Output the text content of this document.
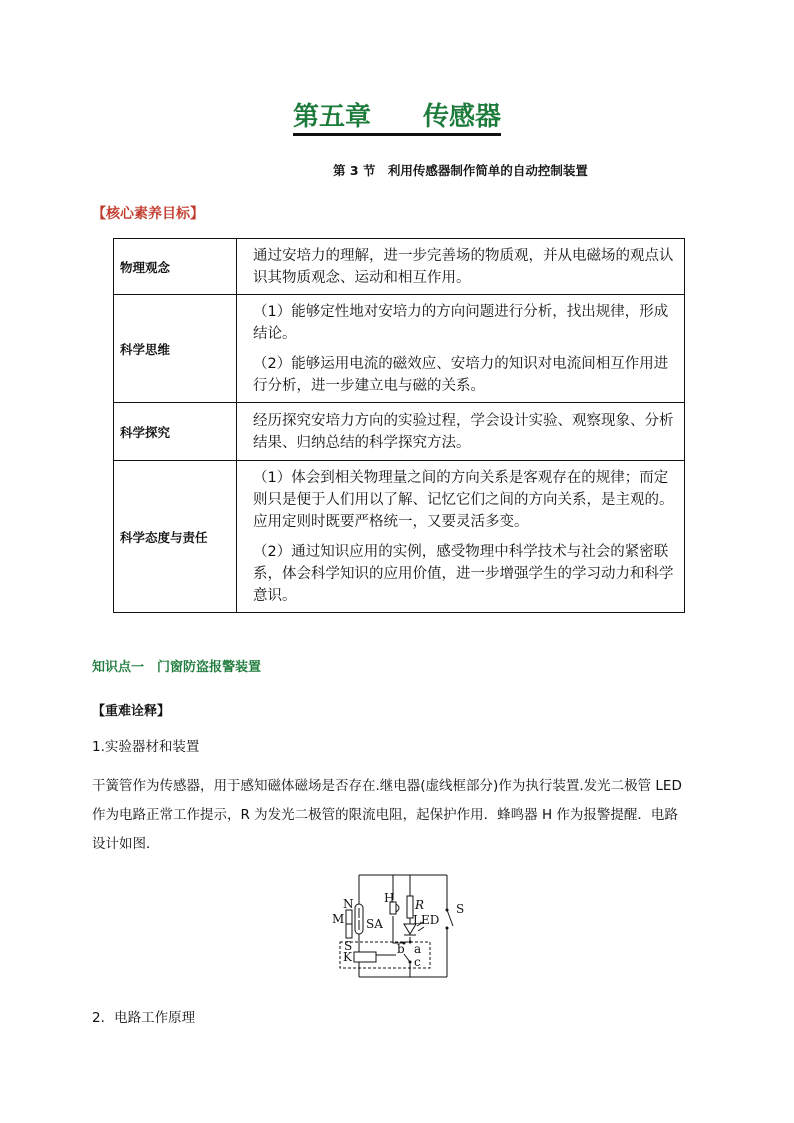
第五章　　传感器
第 3 节　利用传感器制作简单的自动控制装置
【核心素养目标】
物理观念	通过安培力的理解，进一步完善场的物质观，并从电磁场的观点认识其物质观念、运动和相互作用。

科学思维	（1）能够定性地对安培力的方向问题进行分析，找出规律，形成结论。

（2）能够运用电流的磁效应、安培力的知识对电流间相互作用进行分析，进一步建立电与磁的关系。

科学探究	经历探究安培力方向的实验过程，学会设计实验、观察现象、分析结果、归纳总结的科学探究方法。

科学态度与责任	（1）体会到相关物理量之间的方向关系是客观存在的规律；而定则只是便于人们用以了解、记忆它们之间的方向关系，是主观的。应用定则时既要严格统一，又要灵活多变。

（2）通过知识应用的实例，感受物理中科学技术与社会的紧密联系，体会科学知识的应用价值，进一步增强学生的学习动力和科学意识。

知识点一　门窗防盗报警装置
【重难诠释】
1.实验器材和装置

干簧管作为传感器，用于感知磁体磁场是否存在.继电器(虚线框部分)作为执行装置.发光二极管 LED

作为电路正常工作提示，R 为发光二极管的限流电阻，起保护作用．蜂鸣器 H 作为报警提醒．电路

设计如图．

N
M
S
SA
H R
LED
S
b a
c
K
2．电路工作原理
